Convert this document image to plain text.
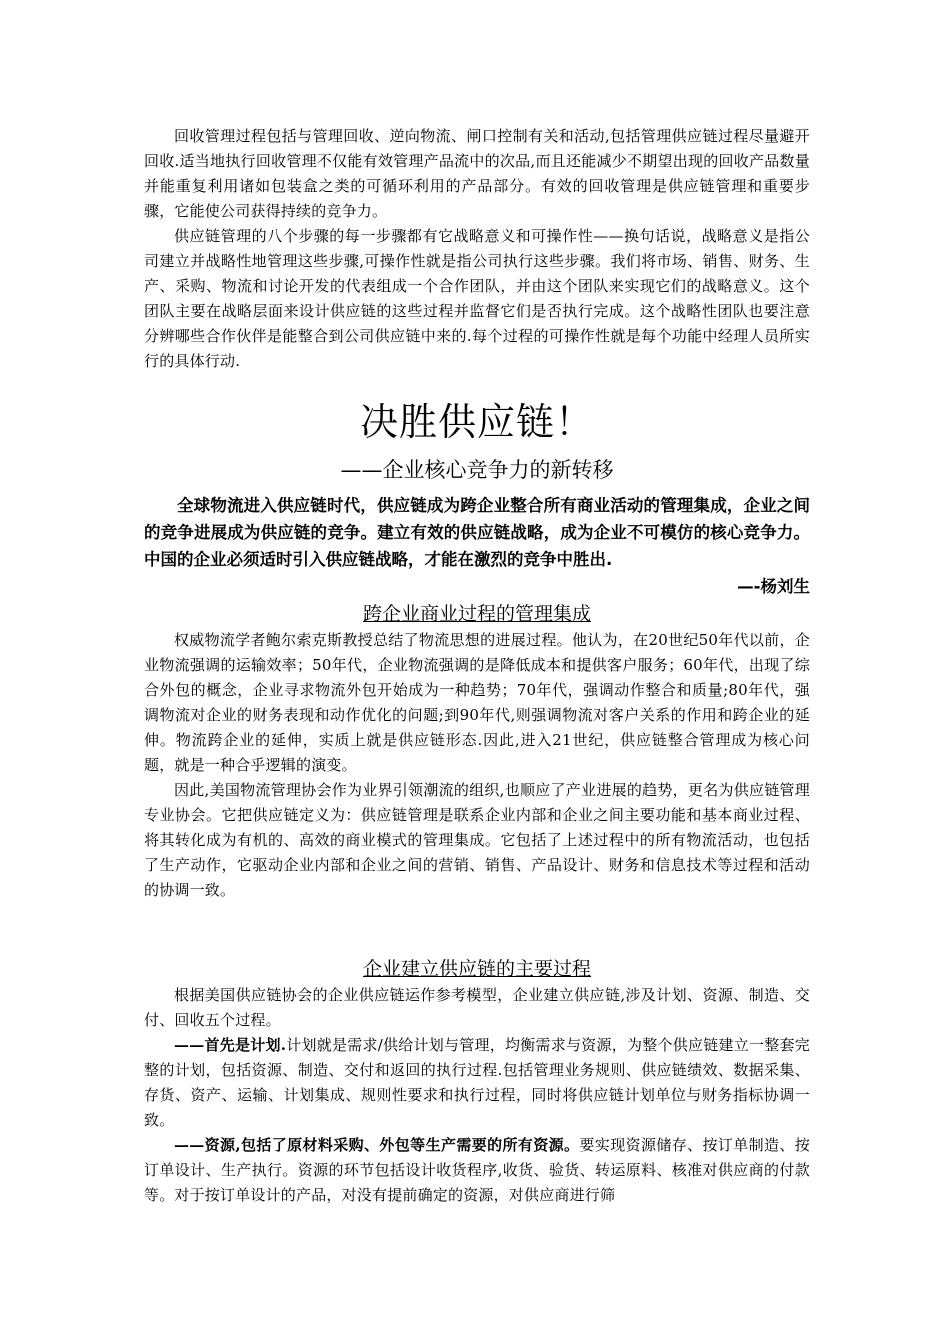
回收管理过程包括与管理回收、逆向物流、闸口控制有关和活动,包括管理供应链过程尽量避开回收.适当地执行回收管理不仅能有效管理产品流中的次品,而且还能减少不期望出现的回收产品数量并能重复利用诸如包装盒之类的可循环利用的产品部分。有效的回收管理是供应链管理和重要步骤，它能使公司获得持续的竞争力。

供应链管理的八个步骤的每一步骤都有它战略意义和可操作性——换句话说，战略意义是指公司建立并战略性地管理这些步骤,可操作性就是指公司执行这些步骤。我们将市场、销售、财务、生产、采购、物流和讨论开发的代表组成一个合作团队，并由这个团队来实现它们的战略意义。这个团队主要在战略层面来设计供应链的这些过程并监督它们是否执行完成。这个战略性团队也要注意分辨哪些合作伙伴是能整合到公司供应链中来的.每个过程的可操作性就是每个功能中经理人员所实行的具体行动.

决胜供应链！
——企业核心竞争力的新转移
全球物流进入供应链时代，供应链成为跨企业整合所有商业活动的管理集成，企业之间的竞争进展成为供应链的竞争。建立有效的供应链战略，成为企业不可模仿的核心竞争力。中国的企业必须适时引入供应链战略，才能在激烈的竞争中胜出.
—-杨刘生
跨企业商业过程的管理集成

权威物流学者鲍尔索克斯教授总结了物流思想的进展过程。他认为，在20世纪50年代以前，企业物流强调的运输效率；50年代，企业物流强调的是降低成本和提供客户服务；60年代，出现了综合外包的概念，企业寻求物流外包开始成为一种趋势；70年代，强调动作整合和质量;80年代，强调物流对企业的财务表现和动作优化的问题;到90年代,则强调物流对客户关系的作用和跨企业的延伸。物流跨企业的延伸，实质上就是供应链形态.因此,进入21世纪，供应链整合管理成为核心问题，就是一种合乎逻辑的演变。

因此,美国物流管理协会作为业界引领潮流的组织,也顺应了产业进展的趋势，更名为供应链管理专业协会。它把供应链定义为：供应链管理是联系企业内部和企业之间主要功能和基本商业过程、将其转化成为有机的、高效的商业模式的管理集成。它包括了上述过程中的所有物流活动，也包括了生产动作，它驱动企业内部和企业之间的营销、销售、产品设计、财务和信息技术等过程和活动的协调一致。

企业建立供应链的主要过程

根据美国供应链协会的企业供应链运作参考模型，企业建立供应链,涉及计划、资源、制造、交付、回收五个过程。

——首先是计划.计划就是需求/供给计划与管理，均衡需求与资源，为整个供应链建立一整套完整的计划，包括资源、制造、交付和返回的执行过程.包括管理业务规则、供应链绩效、数据采集、存货、资产、运输、计划集成、规则性要求和执行过程，同时将供应链计划单位与财务指标协调一致。

——资源,包括了原材料采购、外包等生产需要的所有资源。要实现资源储存、按订单制造、按订单设计、生产执行。资源的环节包括设计收货程序,收货、验货、转运原料、核准对供应商的付款等。对于按订单设计的产品，对没有提前确定的资源，对供应商进行筛
